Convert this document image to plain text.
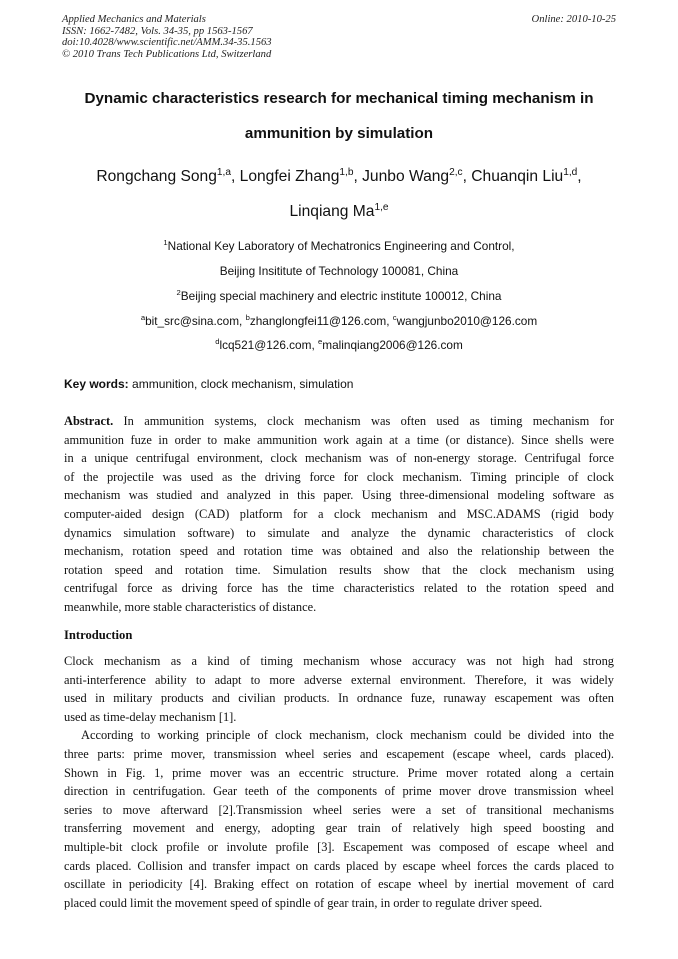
Applied Mechanics and Materials
ISSN: 1662-7482, Vols. 34-35, pp 1563-1567
doi:10.4028/www.scientific.net/AMM.34-35.1563
© 2010 Trans Tech Publications Ltd, Switzerland
Online: 2010-10-25
Dynamic characteristics research for mechanical timing mechanism in
ammunition by simulation
Rongchang Song$^{1,a}$, Longfei Zhang$^{1,b}$, Junbo Wang$^{2,c}$, Chuanqin Liu$^{1,d}$,
Linqiang Ma$^{1,e}$
$^1$National Key Laboratory of Mechatronics Engineering and Control,
Beijing Insititute of Technology 100081, China
$^2$Beijing special machinery and electric institute 100012, China
$^a$bit_src@sina.com, $^b$zhanglongfei11@126.com, $^c$wangjunbo2010@126.com
$^d$lcq521@126.com, $^e$malinqiang2006@126.com
Key words: ammunition, clock mechanism, simulation
Abstract. In ammunition systems, clock mechanism was often used as timing mechanism for
ammunition fuze in order to make ammunition work again at a time (or distance). Since shells were
in a unique centrifugal environment, clock mechanism was of non-energy storage. Centrifugal force
of the projectile was used as the driving force for clock mechanism. Timing principle of clock
mechanism was studied and analyzed in this paper. Using three-dimensional modeling software as
computer-aided design (CAD) platform for a clock mechanism and MSC.ADAMS (rigid body
dynamics simulation software) to simulate and analyze the dynamic characteristics of clock
mechanism, rotation speed and rotation time was obtained and also the relationship between the
rotation speed and rotation time. Simulation results show that the clock mechanism using
centrifugal force as driving force has the time characteristics related to the rotation speed and
meanwhile, more stable characteristics of distance.
Introduction
Clock mechanism as a kind of timing mechanism whose accuracy was not high had strong
anti-interference ability to adapt to more adverse external environment. Therefore, it was widely
used in military products and civilian products. In ordnance fuze, runaway escapement was often
used as time-delay mechanism [1].
According to working principle of clock mechanism, clock mechanism could be divided into the
three parts: prime mover, transmission wheel series and escapement (escape wheel, cards placed).
Shown in Fig. 1, prime mover was an eccentric structure. Prime mover rotated along a certain
direction in centrifugation. Gear teeth of the components of prime mover drove transmission wheel
series to move afterward [2].Transmission wheel series were a set of transitional mechanisms
transferring movement and energy, adopting gear train of relatively high speed boosting and
multiple-bit clock profile or involute profile [3]. Escapement was composed of escape wheel and
cards placed. Collision and transfer impact on cards placed by escape wheel forces the cards placed to
oscillate in periodicity [4]. Braking effect on rotation of escape wheel by inertial movement of card
placed could limit the movement speed of spindle of gear train, in order to regulate driver speed.
